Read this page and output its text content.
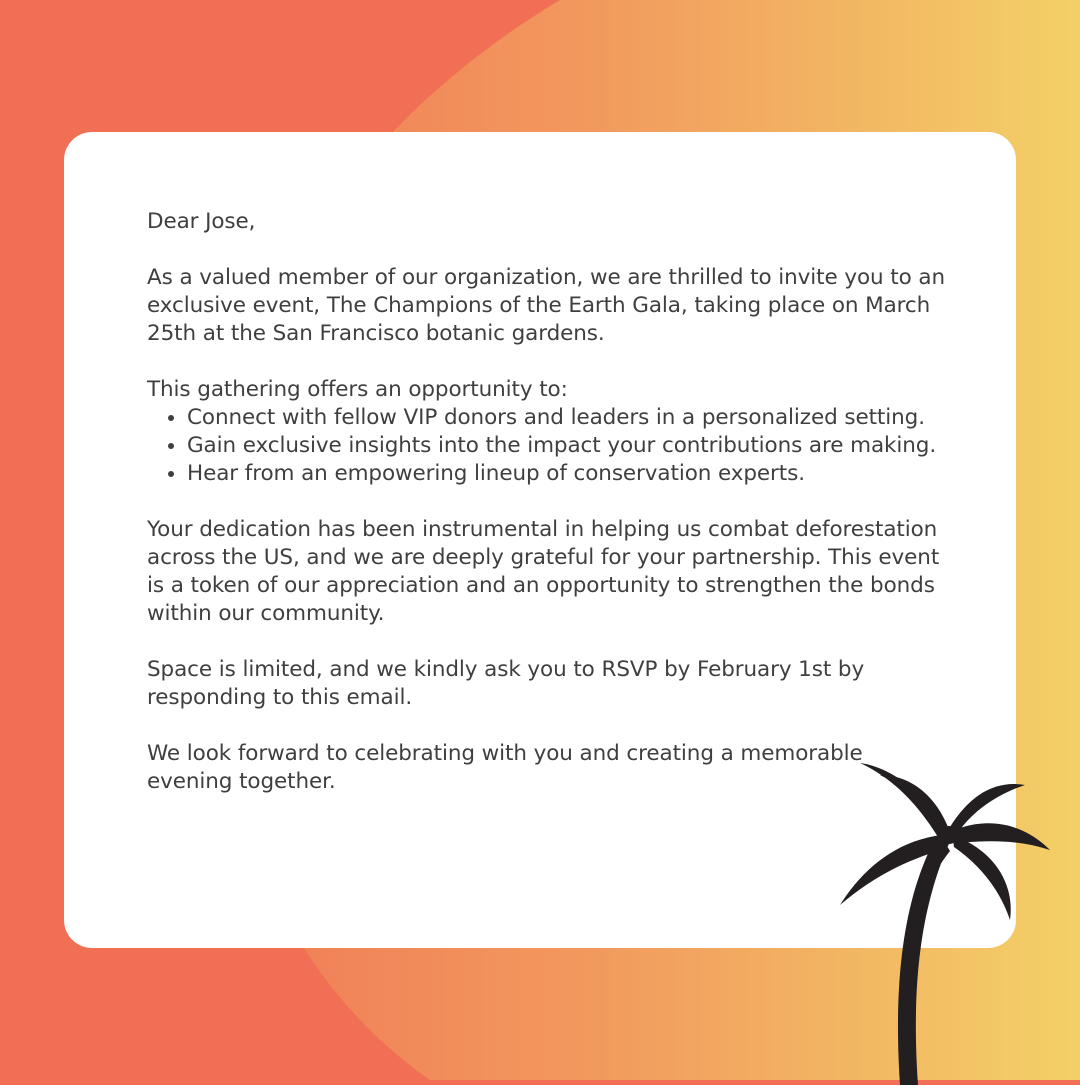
Dear Jose,

As a valued member of our organization, we are thrilled to invite you to an exclusive event, The Champions of the Earth Gala, taking place on March 25th at the San Francisco botanic gardens.

This gathering offers an opportunity to:

• Connect with fellow VIP donors and leaders in a personalized setting.
• Gain exclusive insights into the impact your contributions are making.
• Hear from an empowering lineup of conservation experts.

Your dedication has been instrumental in helping us combat deforestation across the US, and we are deeply grateful for your partnership. This event is a token of our appreciation and an opportunity to strengthen the bonds within our community.

Space is limited, and we kindly ask you to RSVP by February 1st by responding to this email.

We look forward to celebrating with you and creating a memorable evening together.
